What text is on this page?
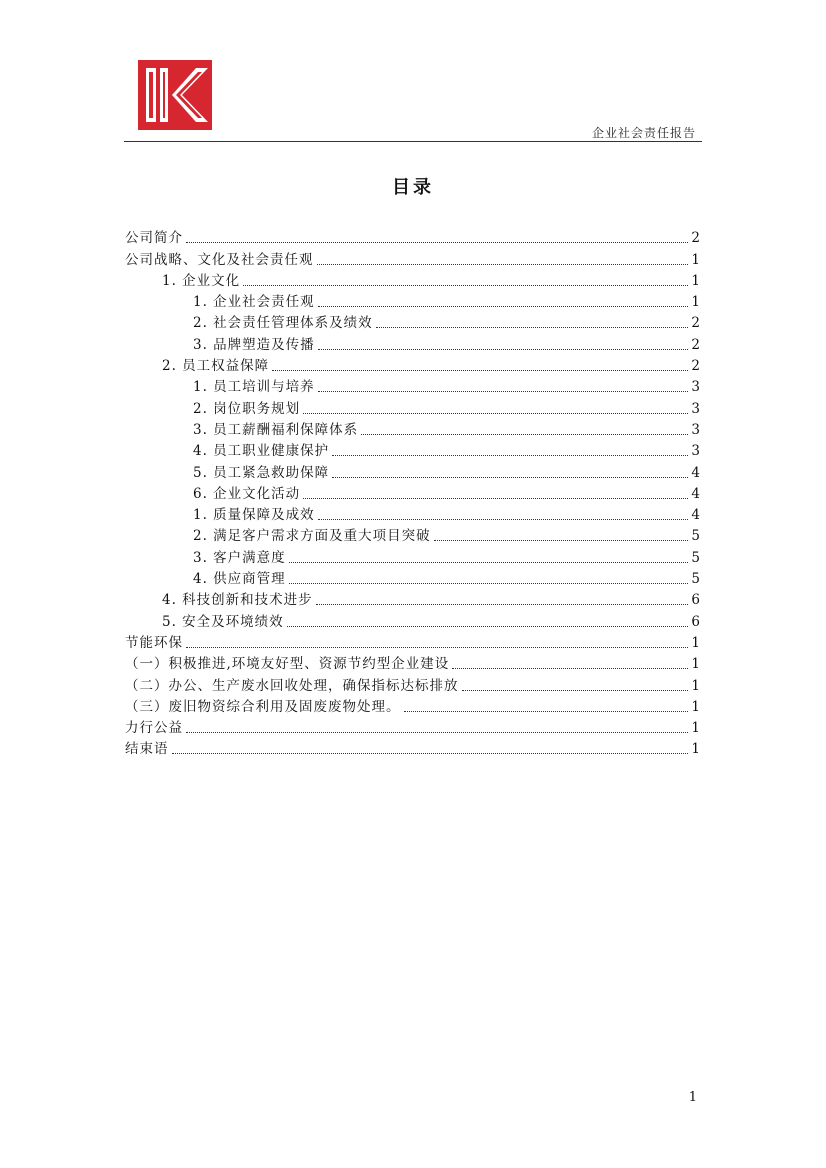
企业社会责任报告
目录
公司简介	2
公司战略、文化及社会责任观	1
1. 企业文化	1
1. 企业社会责任观	1
2. 社会责任管理体系及绩效	2
3. 品牌塑造及传播	2
2. 员工权益保障	2
1. 员工培训与培养	3
2. 岗位职务规划	3
3. 员工薪酬福利保障体系	3
4. 员工职业健康保护	3
5. 员工紧急救助保障	4
6. 企业文化活动	4
1. 质量保障及成效	4
2. 满足客户需求方面及重大项目突破	5
3. 客户满意度	5
4. 供应商管理	5
4. 科技创新和技术进步	6
5. 安全及环境绩效	6
节能环保	1
（一）积极推进,环境友好型、资源节约型企业建设	1
（二）办公、生产废水回收处理，确保指标达标排放	1
（三）废旧物资综合利用及固废废物处理。	1
力行公益	1
结束语	1
1
